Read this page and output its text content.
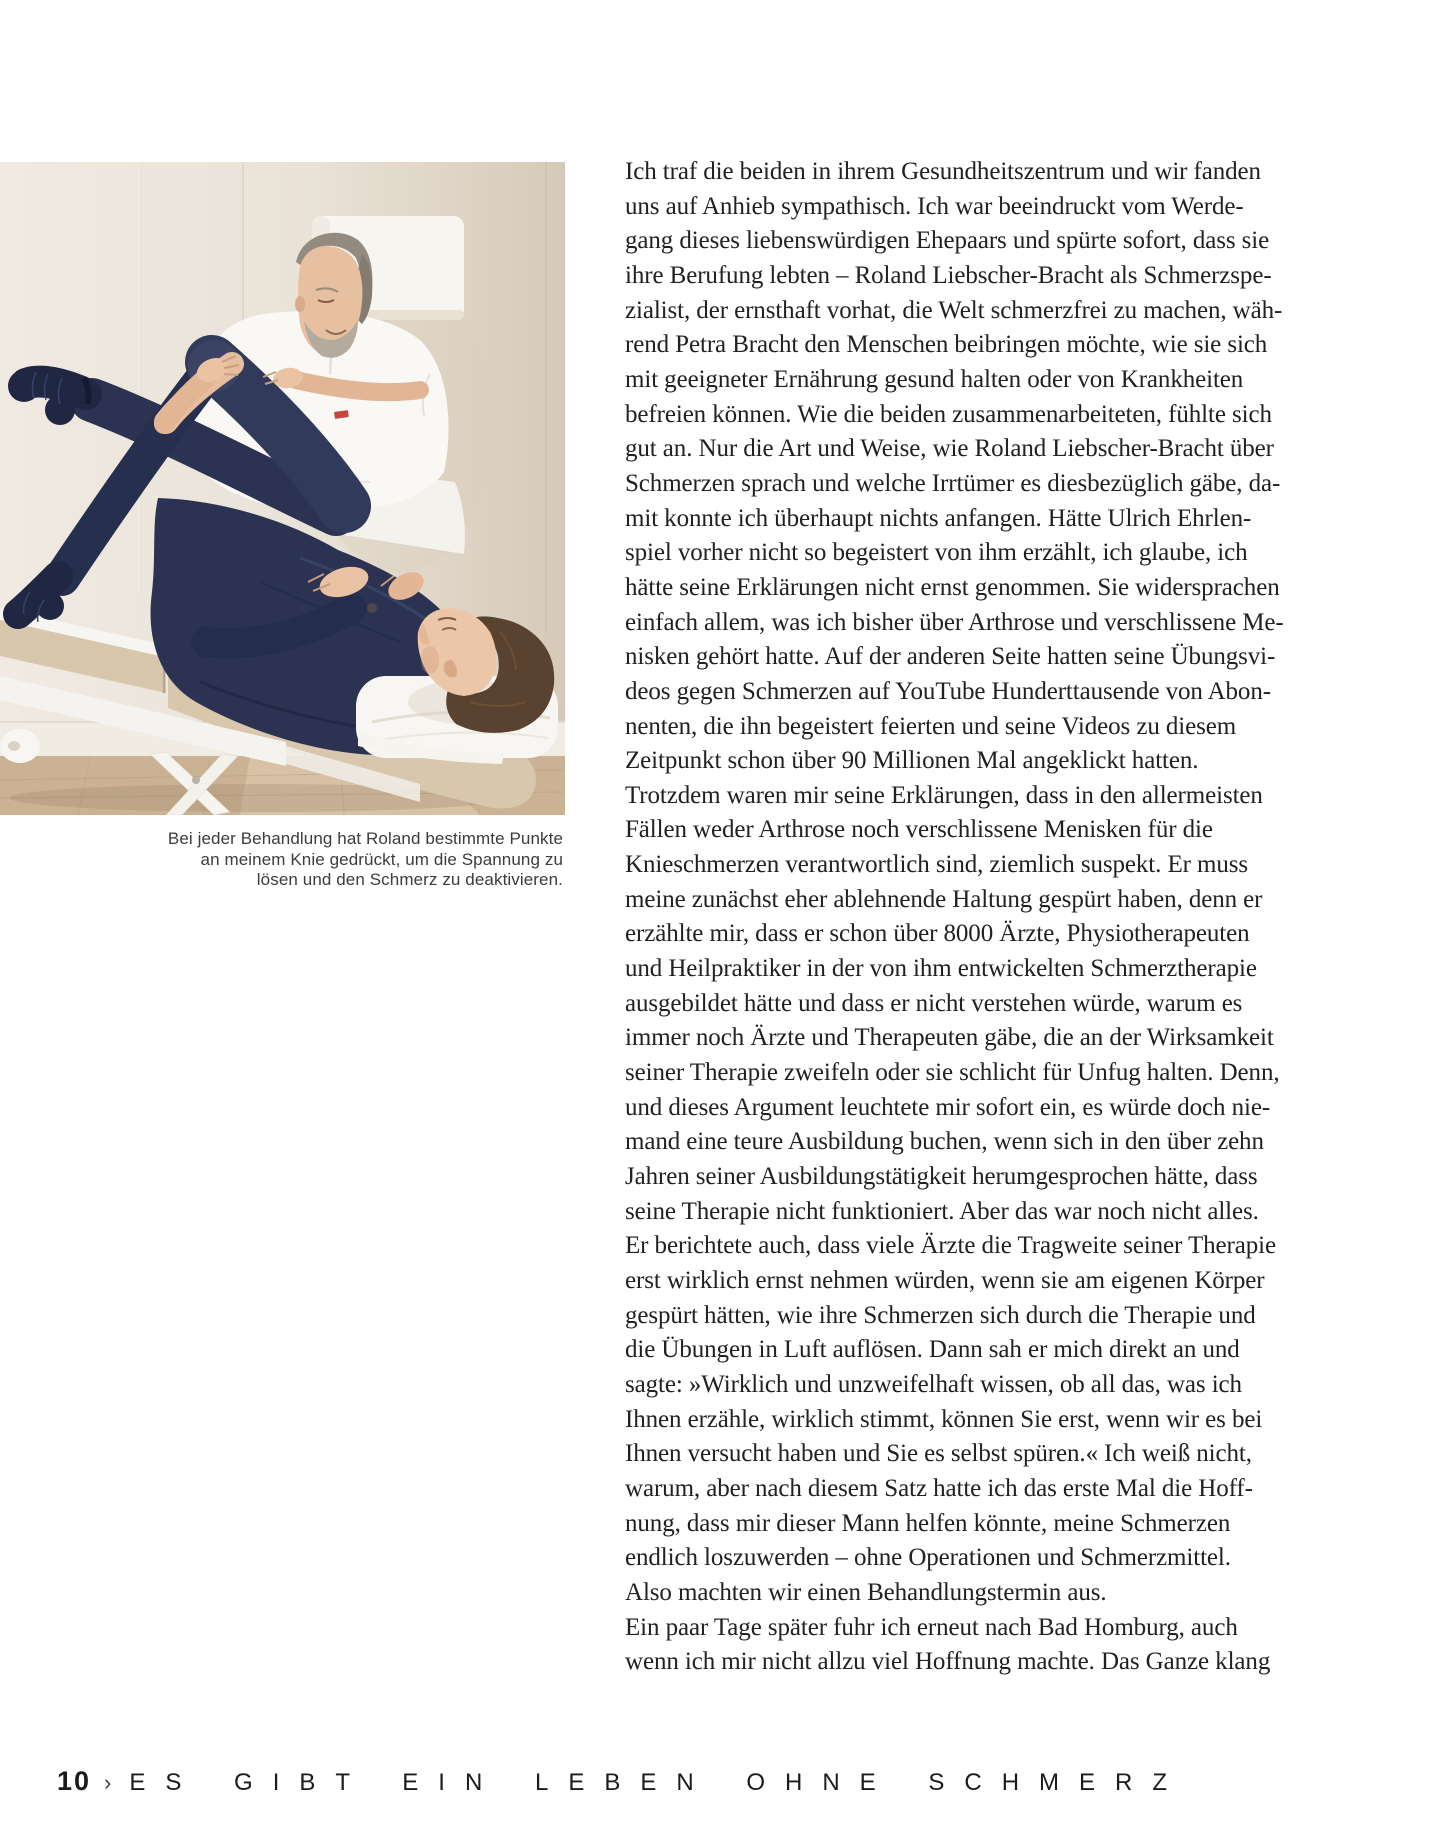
Bei jeder Behandlung hat Roland bestimmte Punkte
an meinem Knie gedrückt, um die Spannung zu
lösen und den Schmerz zu deaktivieren.
Ich traf die beiden in ihrem Gesundheitszentrum und wir fanden
uns auf Anhieb sympathisch. Ich war beeindruckt vom Werde-
gang dieses liebenswürdigen Ehepaars und spürte sofort, dass sie
ihre Berufung lebten – Roland Liebscher-Bracht als Schmerzspe-
zialist, der ernsthaft vorhat, die Welt schmerzfrei zu machen, wäh-
rend Petra Bracht den Menschen beibringen möchte, wie sie sich
mit geeigneter Ernährung gesund halten oder von Krankheiten
befreien können. Wie die beiden zusammenarbeiteten, fühlte sich
gut an. Nur die Art und Weise, wie Roland Liebscher-Bracht über
Schmerzen sprach und welche Irrtümer es diesbezüglich gäbe, da-
mit konnte ich überhaupt nichts anfangen. Hätte Ulrich Ehrlen-
spiel vorher nicht so begeistert von ihm erzählt, ich glaube, ich
hätte seine Erklärungen nicht ernst genommen. Sie widersprachen
einfach allem, was ich bisher über Arthrose und verschlissene Me-
nisken gehört hatte. Auf der anderen Seite hatten seine Übungsvi-
deos gegen Schmerzen auf YouTube Hunderttausende von Abon-
nenten, die ihn begeistert feierten und seine Videos zu diesem
Zeitpunkt schon über 90 Millionen Mal angeklickt hatten.
Trotzdem waren mir seine Erklärungen, dass in den allermeisten
Fällen weder Arthrose noch verschlissene Menisken für die
Knieschmerzen verantwortlich sind, ziemlich suspekt. Er muss
meine zunächst eher ablehnende Haltung gespürt haben, denn er
erzählte mir, dass er schon über 8000 Ärzte, Physiotherapeuten
und Heilpraktiker in der von ihm entwickelten Schmerztherapie
ausgebildet hätte und dass er nicht verstehen würde, warum es
immer noch Ärzte und Therapeuten gäbe, die an der Wirksamkeit
seiner Therapie zweifeln oder sie schlicht für Unfug halten. Denn,
und dieses Argument leuchtete mir sofort ein, es würde doch nie-
mand eine teure Ausbildung buchen, wenn sich in den über zehn
Jahren seiner Ausbildungstätigkeit herumgesprochen hätte, dass
seine Therapie nicht funktioniert. Aber das war noch nicht alles.
Er berichtete auch, dass viele Ärzte die Tragweite seiner Therapie
erst wirklich ernst nehmen würden, wenn sie am eigenen Körper
gespürt hätten, wie ihre Schmerzen sich durch die Therapie und
die Übungen in Luft auflösen. Dann sah er mich direkt an und
sagte: »Wirklich und unzweifelhaft wissen, ob all das, was ich
Ihnen erzähle, wirklich stimmt, können Sie erst, wenn wir es bei
Ihnen versucht haben und Sie es selbst spüren.« Ich weiß nicht,
warum, aber nach diesem Satz hatte ich das erste Mal die Hoff-
nung, dass mir dieser Mann helfen könnte, meine Schmerzen
endlich loszuwerden – ohne Operationen und Schmerzmittel.
Also machten wir einen Behandlungstermin aus.
Ein paar Tage später fuhr ich erneut nach Bad Homburg, auch
wenn ich mir nicht allzu viel Hoffnung machte. Das Ganze klang
10 › ES GIBT EIN LEBEN OHNE SCHMERZ
